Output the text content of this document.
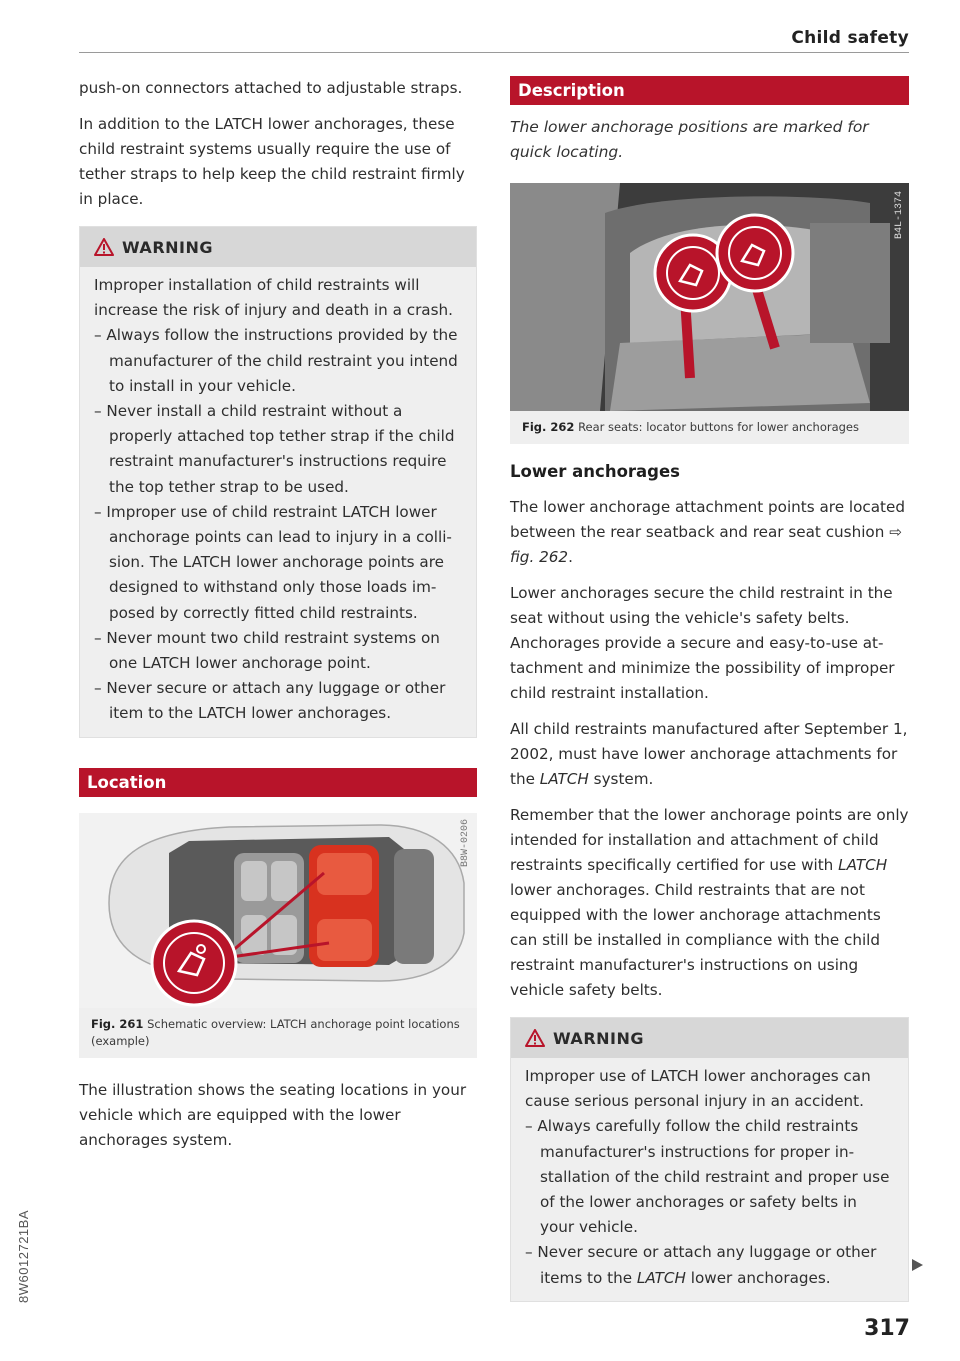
Child safety

push-on connectors attached to adjustable straps.

In addition to the LATCH lower anchorages, these child restraint systems usually require the use of tether straps to help keep the child restraint firmly in place.

WARNING
Improper installation of child restraints will increase the risk of injury and death in a crash.
– Always follow the instructions provided by the manufacturer of the child restraint you intend to install in your vehicle.
– Never install a child restraint without a properly attached top tether strap if the child restraint manufacturer's instructions require the top tether strap to be used.
– Improper use of child restraint LATCH lower anchorage points can lead to injury in a collision. The LATCH lower anchorage points are designed to withstand only those loads imposed by correctly fitted child restraints.
– Never mount two child restraint systems on one LATCH lower anchorage point.
– Never secure or attach any luggage or other item to the LATCH lower anchorages.
Location
B8W-0206
Fig. 261 Schematic overview: LATCH anchorage point locations (example)

The illustration shows the seating locations in your vehicle which are equipped with the lower anchorages system.

Description
The lower anchorage positions are marked for quick locating.
B4L-1374
Fig. 262 Rear seats: locator buttons for lower anchorages
Lower anchorages

The lower anchorage attachment points are located between the rear seatback and rear seat cushion ⇨ fig. 262.

Lower anchorages secure the child restraint in the seat without using the vehicle's safety belts. Anchorages provide a secure and easy-to-use attachment and minimize the possibility of improper child restraint installation.

All child restraints manufactured after September 1, 2002, must have lower anchorage attachments for the LATCH system.

Remember that the lower anchorage points are only intended for installation and attachment of child restraints specifically certified for use with LATCH lower anchorages. Child restraints that are not equipped with the lower anchorage attachments can still be installed in compliance with the child restraint manufacturer's instructions on using vehicle safety belts.

WARNING
Improper use of LATCH lower anchorages can cause serious personal injury in an accident.
– Always carefully follow the child restraints manufacturer's instructions for proper installation of the child restraint and proper use of the lower anchorages or safety belts in your vehicle.
– Never secure or attach any luggage or other items to the LATCH lower anchorages.
317
8W6012721BA
